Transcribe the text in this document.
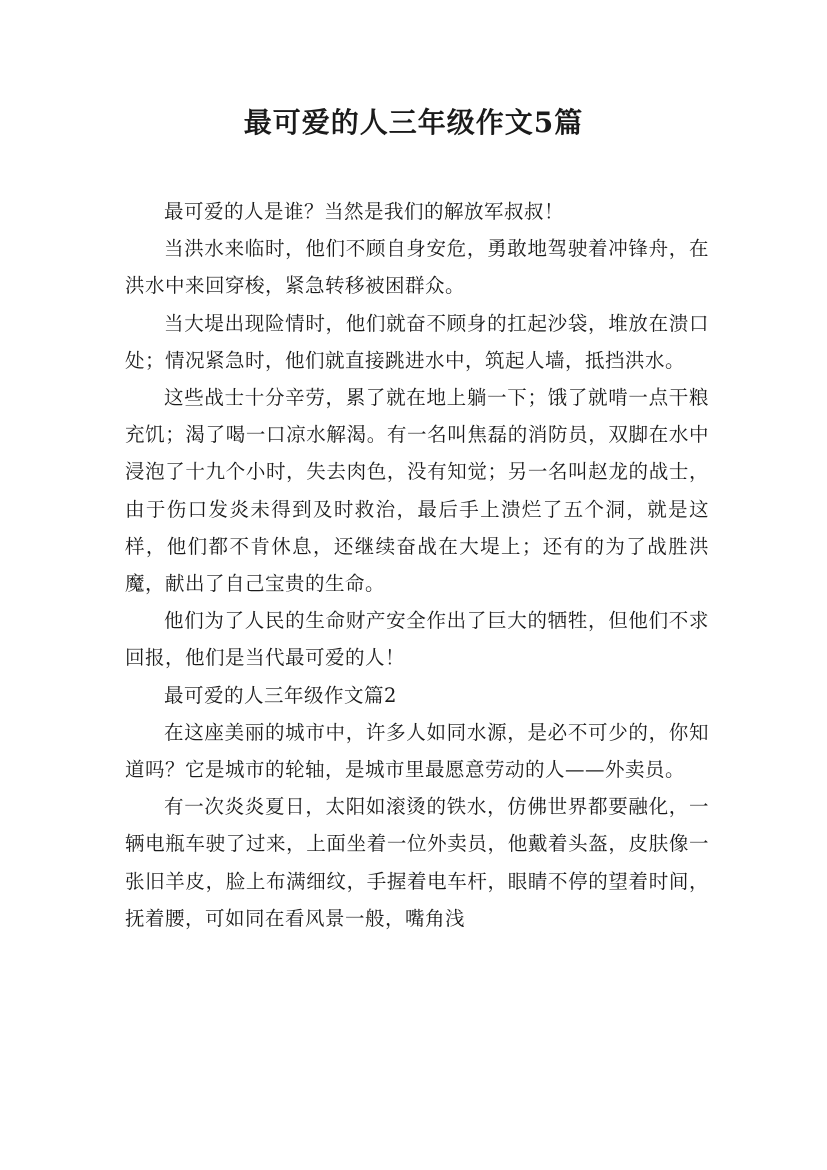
最可爱的人三年级作文5篇

最可爱的人是谁？当然是我们的解放军叔叔！

当洪水来临时，他们不顾自身安危，勇敢地驾驶着冲锋舟，在洪水中来回穿梭，紧急转移被困群众。

当大堤出现险情时，他们就奋不顾身的扛起沙袋，堆放在溃口处；情况紧急时，他们就直接跳进水中，筑起人墙，抵挡洪水。

这些战士十分辛劳，累了就在地上躺一下；饿了就啃一点干粮充饥；渴了喝一口凉水解渴。有一名叫焦磊的消防员，双脚在水中浸泡了十九个小时，失去肉色，没有知觉；另一名叫赵龙的战士，由于伤口发炎未得到及时救治，最后手上溃烂了五个洞，就是这样，他们都不肯休息，还继续奋战在大堤上；还有的为了战胜洪魔，献出了自己宝贵的生命。

他们为了人民的生命财产安全作出了巨大的牺牲，但他们不求回报，他们是当代最可爱的人！

最可爱的人三年级作文篇2

在这座美丽的城市中，许多人如同水源，是必不可少的，你知道吗？它是城市的轮轴，是城市里最愿意劳动的人——外卖员。

有一次炎炎夏日，太阳如滚烫的铁水，仿佛世界都要融化，一辆电瓶车驶了过来，上面坐着一位外卖员，他戴着头盔，皮肤像一张旧羊皮，脸上布满细纹，手握着电车杆，眼睛不停的望着时间，抚着腰，可如同在看风景一般，嘴角浅
